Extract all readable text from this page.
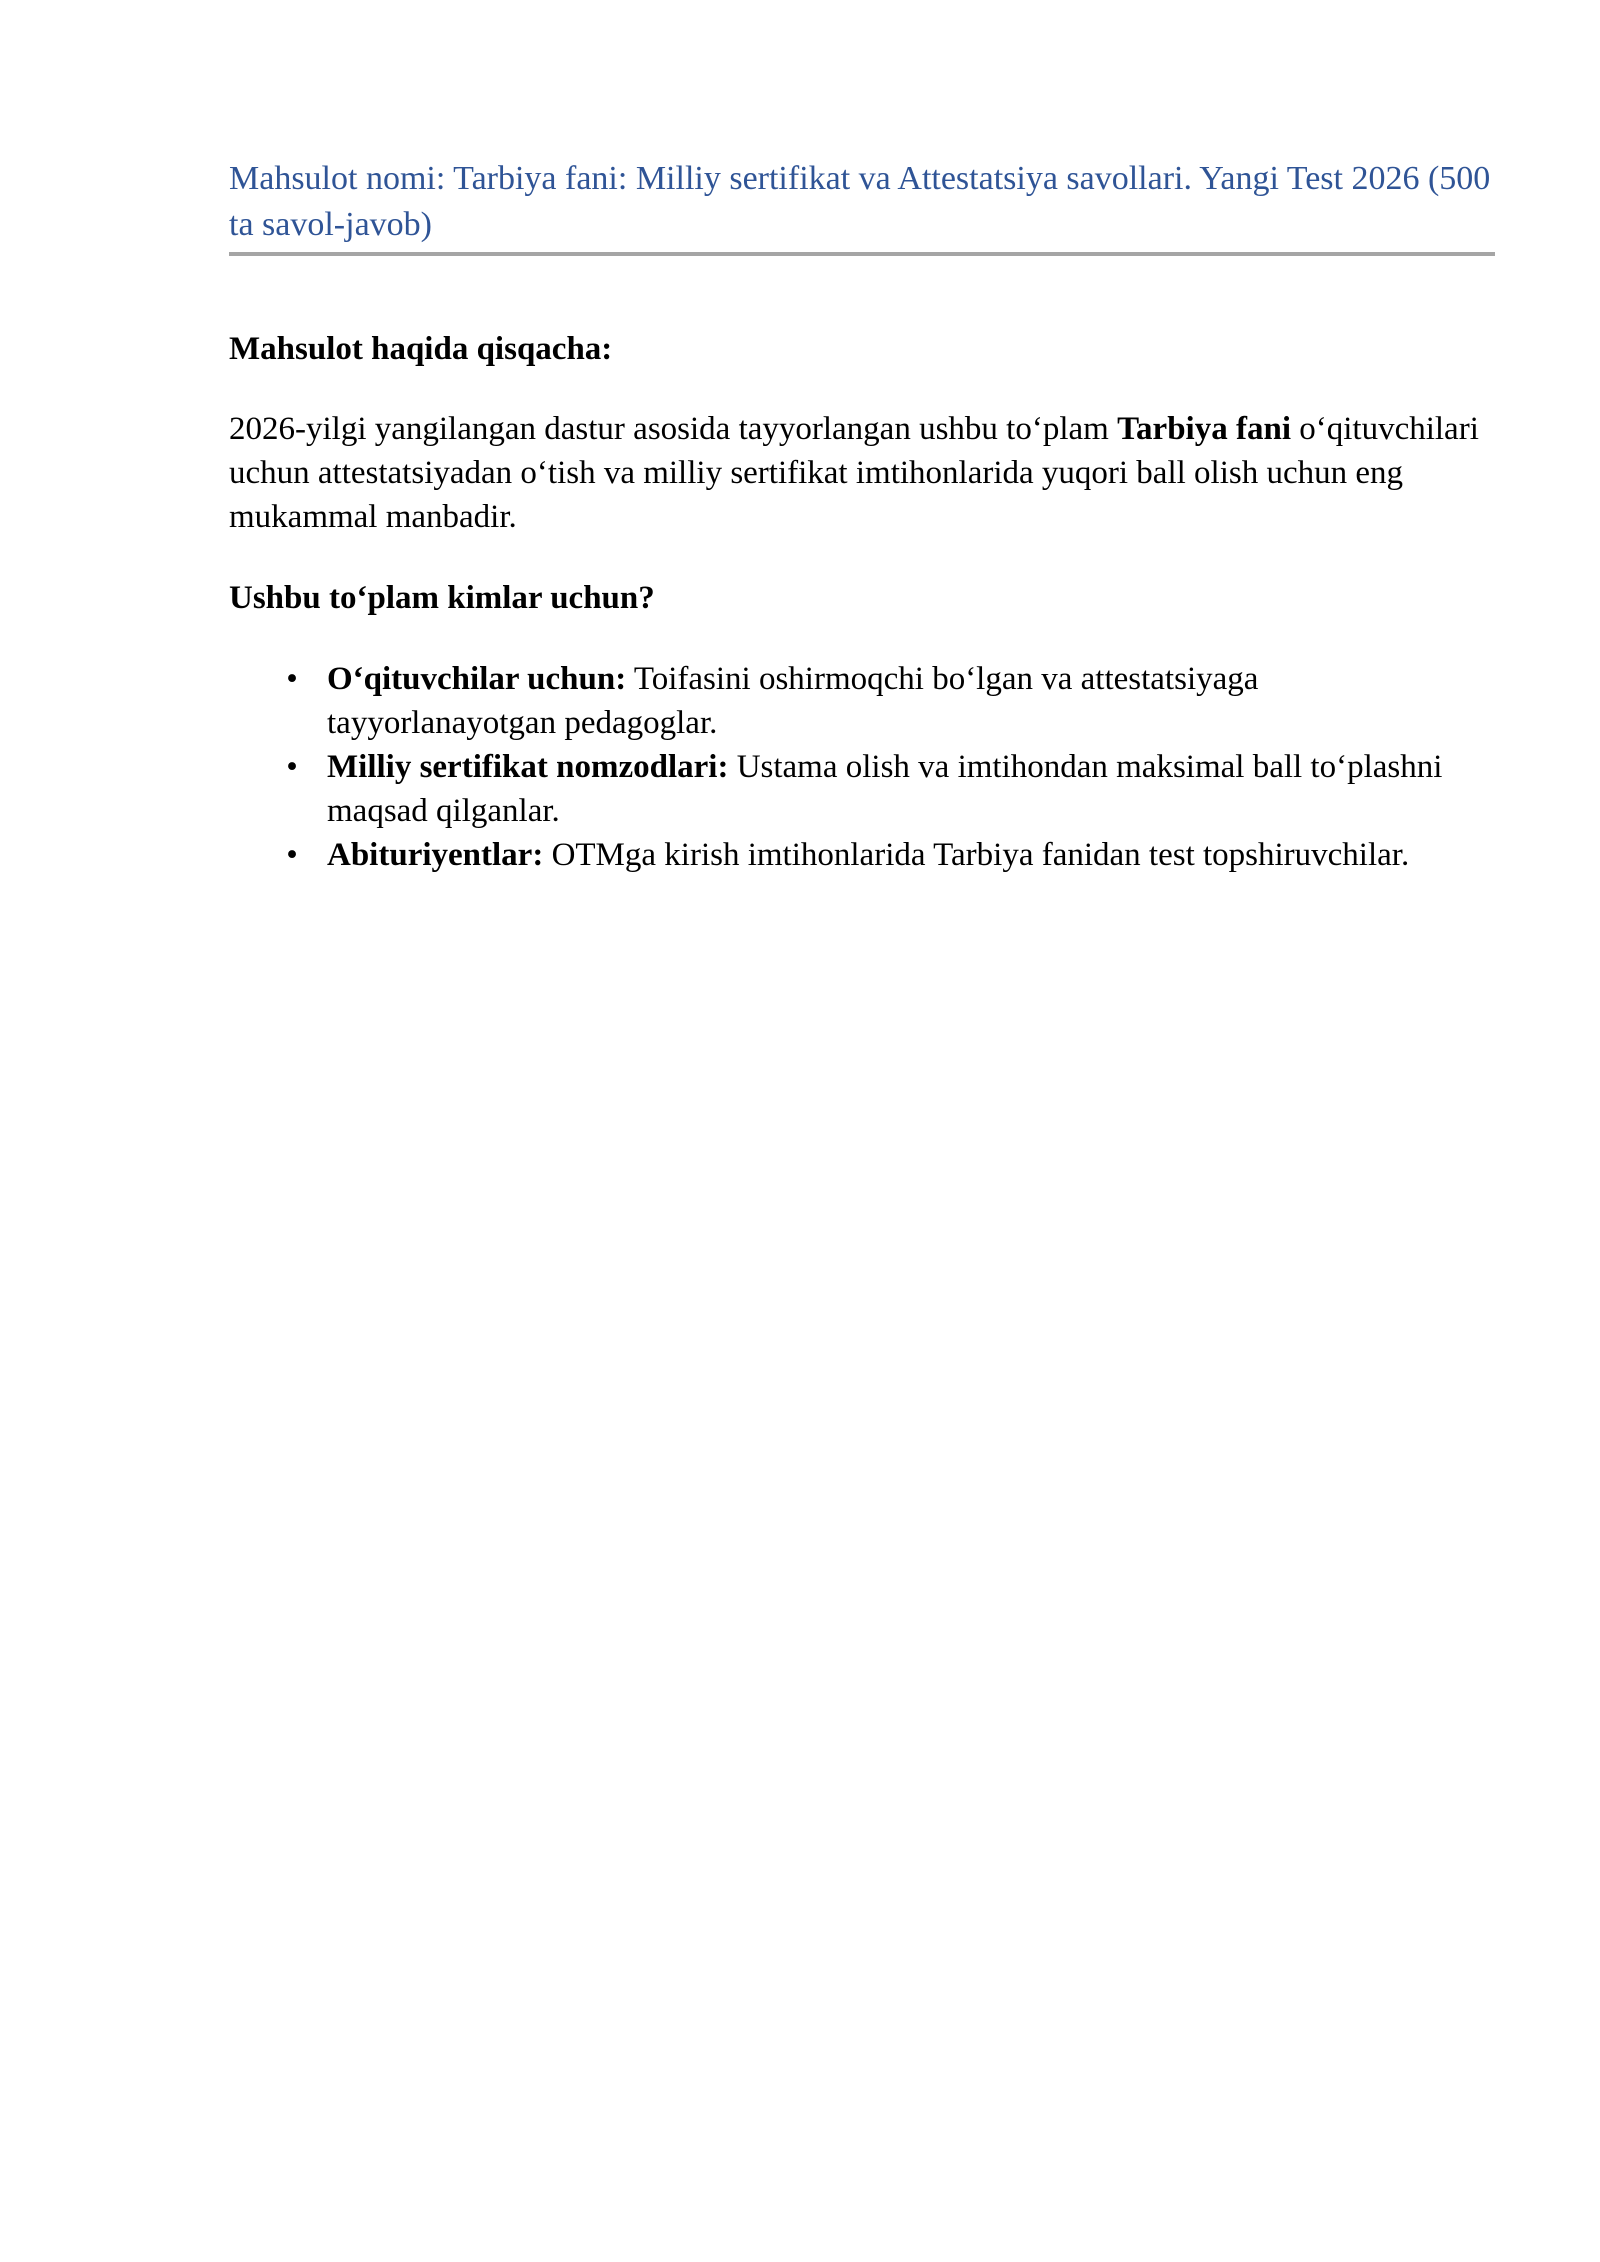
Mahsulot nomi: Tarbiya fani: Milliy sertifikat va Attestatsiya savollari. Yangi Test 2026 (500 ta savol-javob)
Mahsulot haqida qisqacha:

2026-yilgi yangilangan dastur asosida tayyorlangan ushbu to‘plam Tarbiya fani o‘qituvchilari uchun attestatsiyadan o‘tish va milliy sertifikat imtihonlarida yuqori ball olish uchun eng mukammal manbadir.

Ushbu to‘plam kimlar uchun?
• O‘qituvchilar uchun: Toifasini oshirmoqchi bo‘lgan va attestatsiyaga tayyorlanayotgan pedagoglar.
• Milliy sertifikat nomzodlari: Ustama olish va imtihondan maksimal ball to‘plashni maqsad qilganlar.
• Abituriyentlar: OTMga kirish imtihonlarida Tarbiya fanidan test topshiruvchilar.
